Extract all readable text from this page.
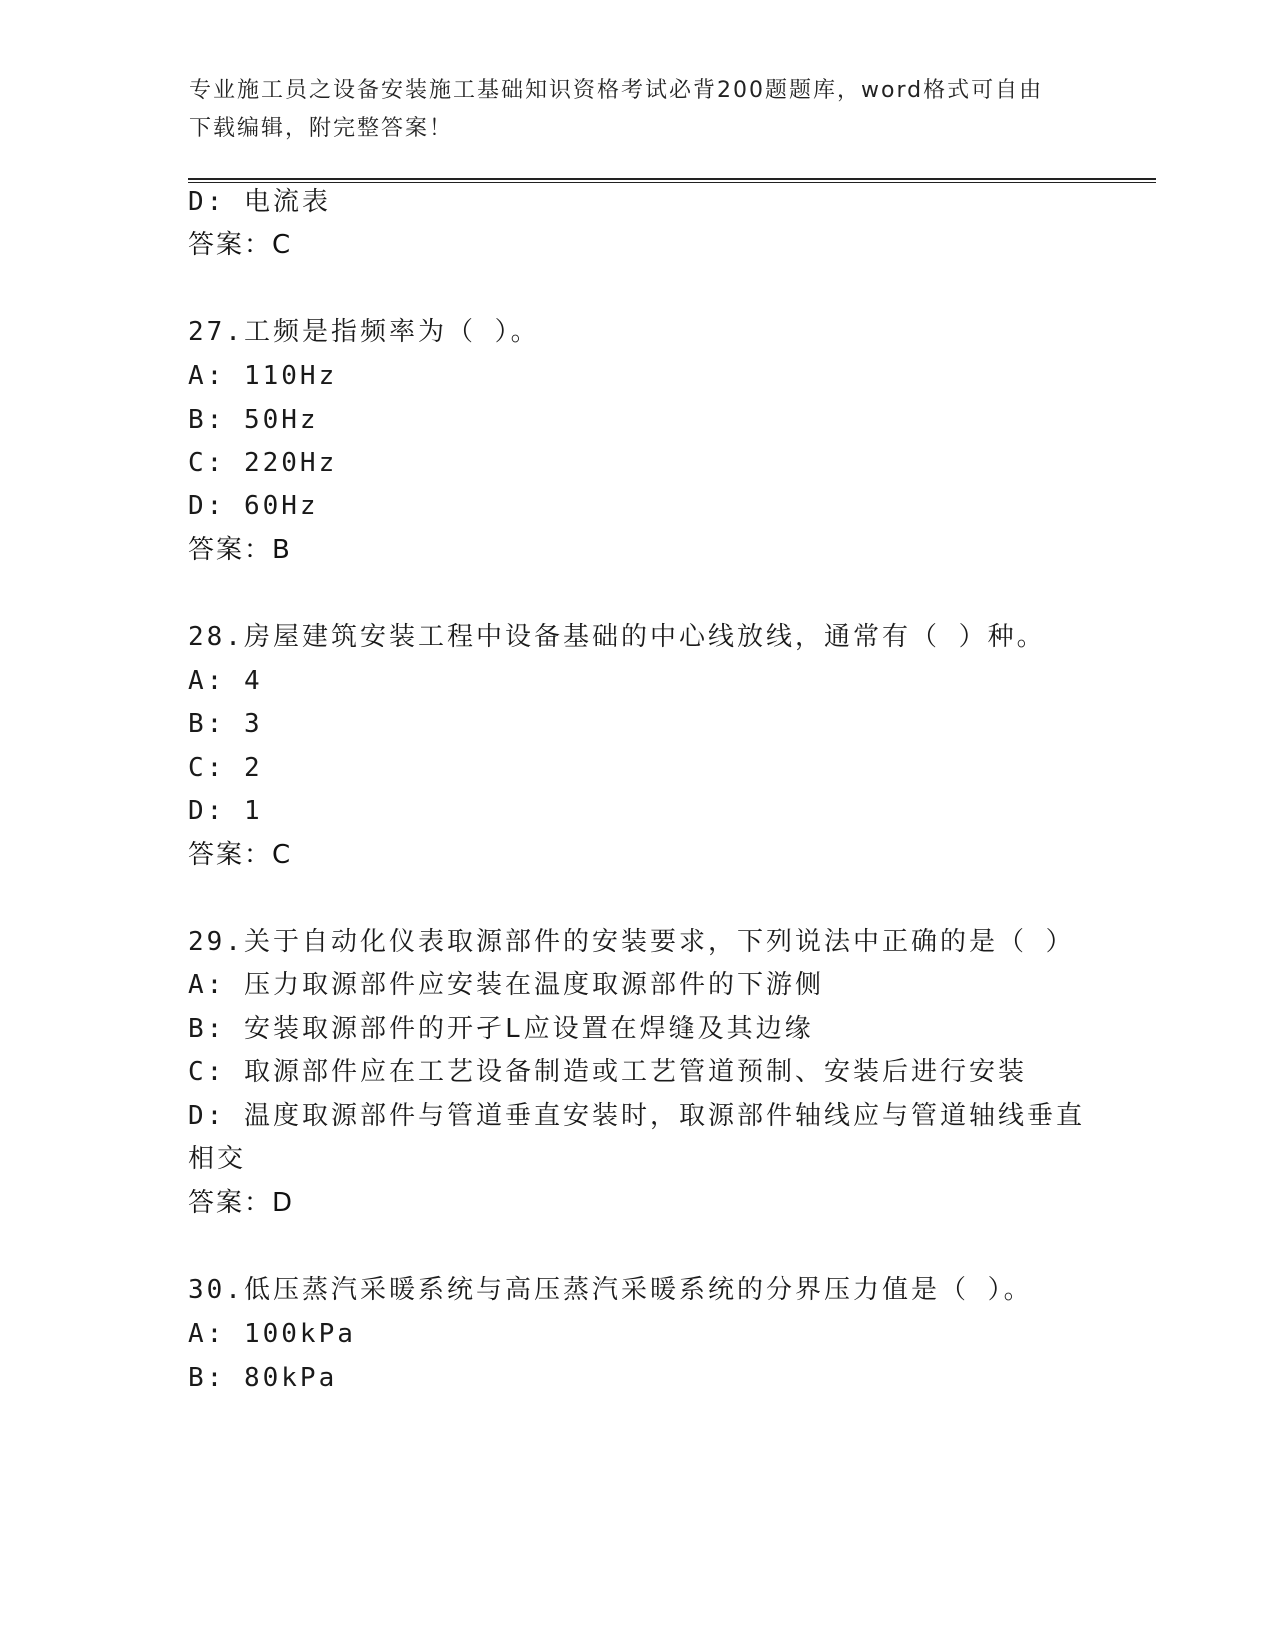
专业施工员之设备安装施工基础知识资格考试必背200题题库，word格式可自由
下载编辑，附完整答案！
D: 电流表
答案：C
27.工频是指频率为（ ）。
A: 110Hz
B: 50Hz
C: 220Hz
D: 60Hz
答案：B
28.房屋建筑安装工程中设备基础的中心线放线，通常有（ ）种。
A: 4
B: 3
C: 2
D: 1
答案：C
29.关于自动化仪表取源部件的安装要求，下列说法中正确的是（ ）
A: 压力取源部件应安装在温度取源部件的下游侧
B: 安装取源部件的开孑L应设置在焊缝及其边缘
C: 取源部件应在工艺设备制造或工艺管道预制、安装后进行安装
D: 温度取源部件与管道垂直安装时，取源部件轴线应与管道轴线垂直
相交
答案：D
30.低压蒸汽采暖系统与高压蒸汽采暖系统的分界压力值是（ ）。
A: 100kPa
B: 80kPa
